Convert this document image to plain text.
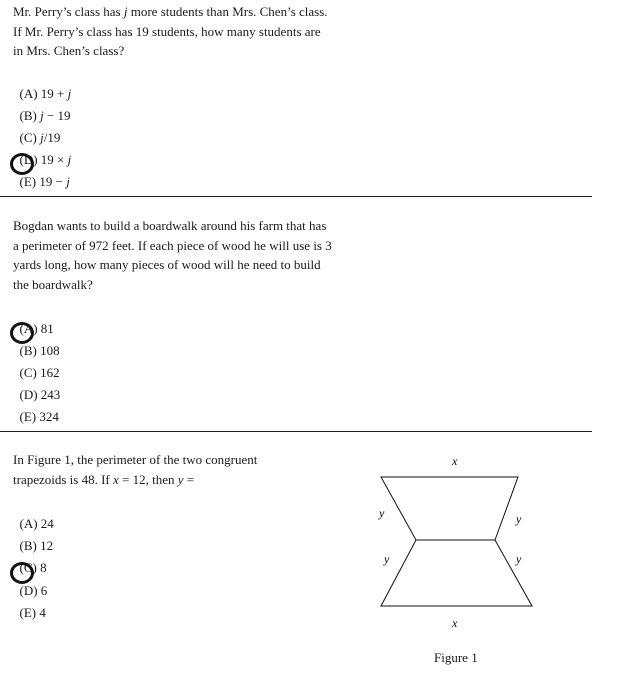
Mr. Perry’s class has j more students than Mrs. Chen’s class. If Mr. Perry’s class has 19 students, how many students are in Mrs. Chen’s class?

(A) 19 + j

(B) j − 19

(C) j/19

(D) 19 × j

(E) 19 − j

Bogdan wants to build a boardwalk around his farm that has a perimeter of 972 feet. If each piece of wood he will use is 3 yards long, how many pieces of wood will he need to build the boardwalk?

(A) 81

(B) 108

(C) 162

(D) 243

(E) 324

In Figure 1, the perimeter of the two congruent
trapezoids is 48. If x = 12, then y =

(A) 24

(B) 12

(C) 8

(D) 6

(E) 4

x
x
y	y
y	y
Figure 1
